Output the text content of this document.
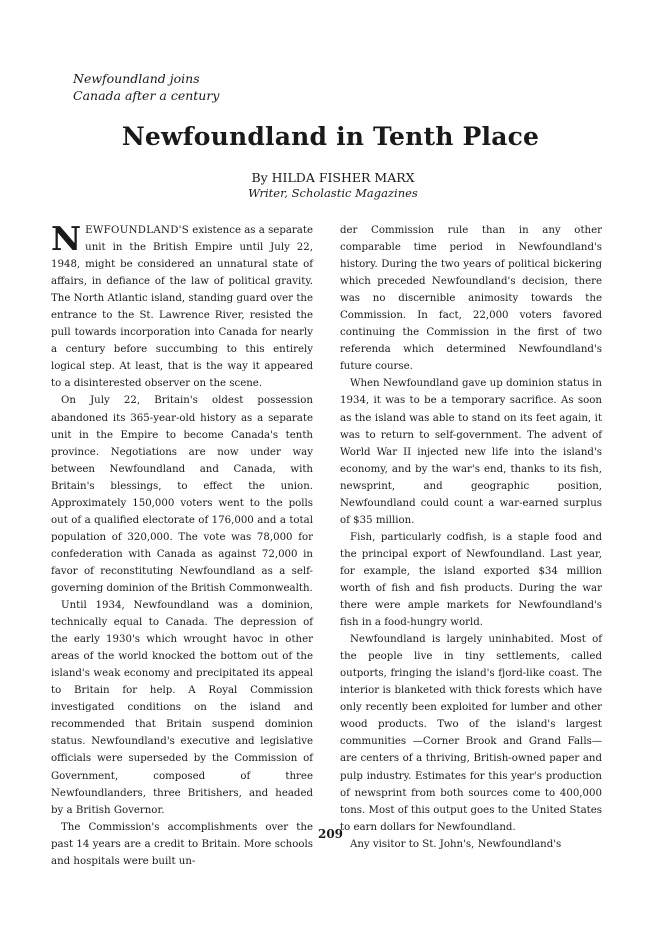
Newfoundland joins
Canada after a century
Newfoundland in Tenth Place
By HILDA FISHER MARX
Writer, Scholastic Magazines

NEWFOUNDLAND'S existence as a separate unit in the British Empire until July 22, 1948, might be considered an unnatural state of affairs, in defiance of the law of political gravity. The North Atlantic island, standing guard over the entrance to the St. Lawrence River, resisted the pull towards incorporation into Canada for nearly a century before succumbing to this entirely logical step. At least, that is the way it appeared to a disinterested observer on the scene.

On July 22, Britain's oldest possession abandoned its 365-year-old history as a separate unit in the Empire to become Canada's tenth province. Negotiations are now under way between Newfoundland and Canada, with Britain's blessings, to effect the union. Approximately 150,000 voters went to the polls out of a qualified electorate of 176,000 and a total population of 320,000. The vote was 78,000 for confederation with Canada as against 72,000 in favor of reconstituting Newfoundland as a self-governing dominion of the British Commonwealth.

Until 1934, Newfoundland was a dominion, technically equal to Canada. The depression of the early 1930's which wrought havoc in other areas of the world knocked the bottom out of the island's weak economy and precipitated its appeal to Britain for help. A Royal Commission investigated conditions on the island and recommended that Britain suspend dominion status. Newfoundland's executive and legislative officials were superseded by the Commission of Government, composed of three Newfoundlanders, three Britishers, and headed by a British Governor.

The Commission's accomplishments over the past 14 years are a credit to Britain. More schools and hospitals were built un-

der Commission rule than in any other comparable time period in Newfoundland's history. During the two years of political bickering which preceded Newfoundland's decision, there was no discernible animosity towards the Commission. In fact, 22,000 voters favored continuing the Commission in the first of two referenda which determined Newfoundland's future course.

When Newfoundland gave up dominion status in 1934, it was to be a temporary sacrifice. As soon as the island was able to stand on its feet again, it was to return to self-government. The advent of World War II injected new life into the island's economy, and by the war's end, thanks to its fish, newsprint, and geographic position, Newfoundland could count a war-earned surplus of $35 million.

Fish, particularly codfish, is a staple food and the principal export of Newfoundland. Last year, for example, the island exported $34 million worth of fish and fish products. During the war there were ample markets for Newfoundland's fish in a food-hungry world.

Newfoundland is largely uninhabited. Most of the people live in tiny settlements, called outports, fringing the island's fjord-like coast. The interior is blanketed with thick forests which have only recently been exploited for lumber and other wood products. Two of the island's largest communities —Corner Brook and Grand Falls—are centers of a thriving, British-owned paper and pulp industry. Estimates for this year's production of newsprint from both sources come to 400,000 tons. Most of this output goes to the United States to earn dollars for Newfoundland.

Any visitor to St. John's, Newfoundland's

209
